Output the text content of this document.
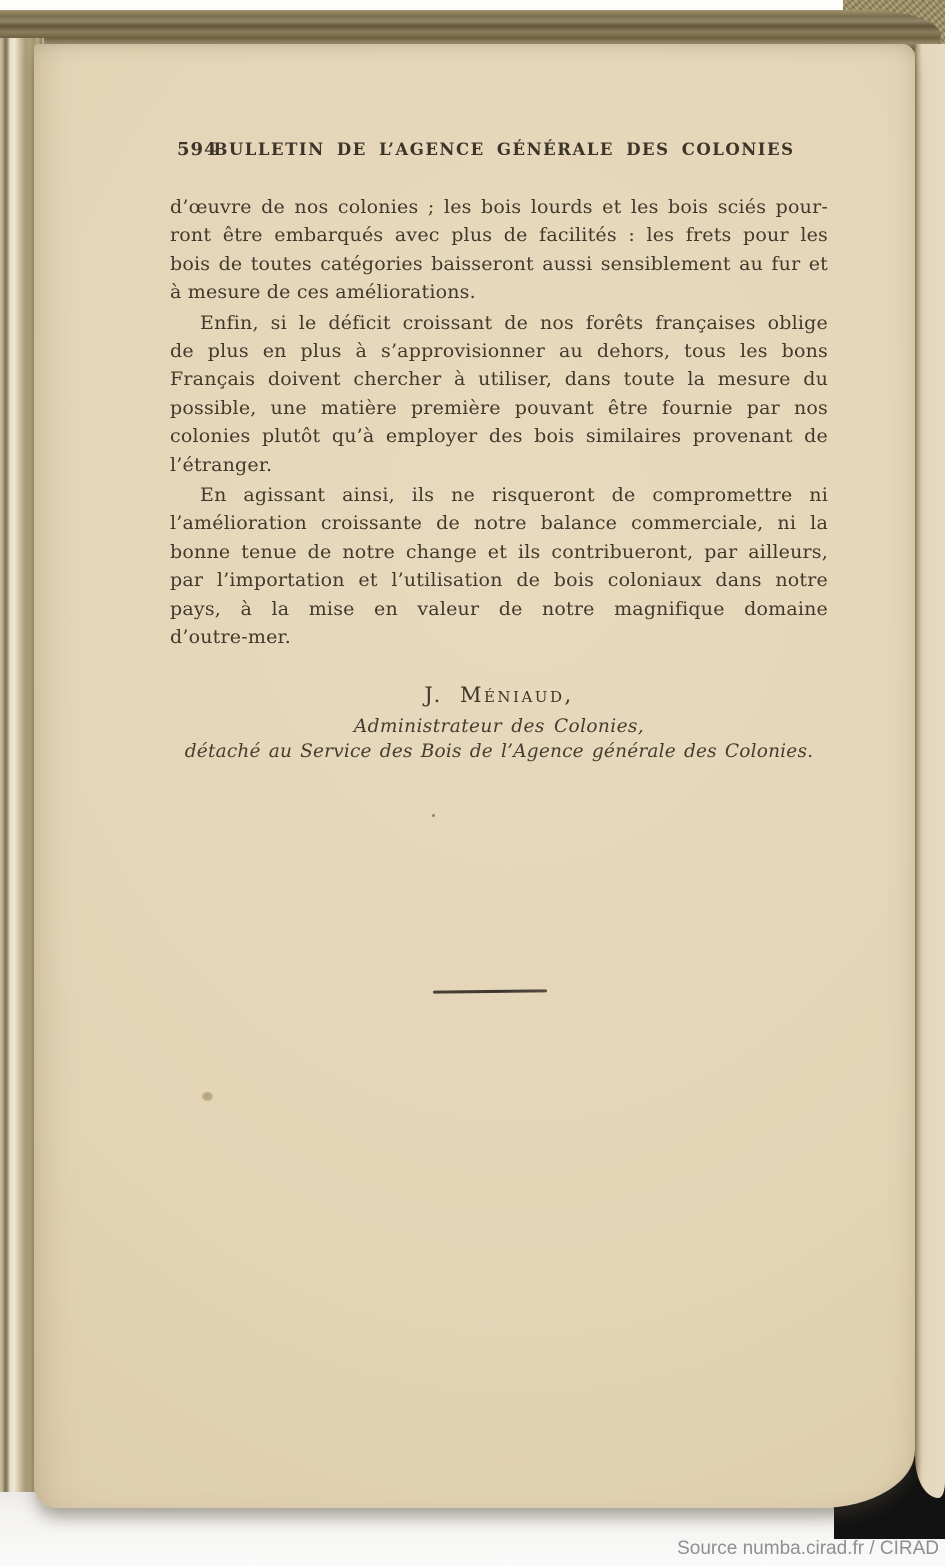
594
BULLETIN DE L’AGENCE GÉNÉRALE DES COLONIES
d’œuvre de nos colonies ; les bois lourds et les bois sciés pour-
ront être embarqués avec plus de facilités : les frets pour les
bois de toutes catégories baisseront aussi sensiblement au fur et
à mesure de ces améliorations.
Enfin, si le déficit croissant de nos forêts françaises oblige
de plus en plus à s’approvisionner au dehors, tous les bons
Français doivent chercher à utiliser, dans toute la mesure du
possible, une matière première pouvant être fournie par nos
colonies plutôt qu’à employer des bois similaires provenant de
l’étranger.
En agissant ainsi, ils ne risqueront de compromettre ni
l’amélioration croissante de notre balance commerciale, ni la
bonne tenue de notre change et ils contribueront, par ailleurs,
par l’importation et l’utilisation de bois coloniaux dans notre
pays, à la mise en valeur de notre magnifique domaine
d’outre-mer.
J. Méniaud,
Administrateur des Colonies,
détaché au Service des Bois de l’Agence générale des Colonies.
Source numba.cirad.fr / CIRAD
